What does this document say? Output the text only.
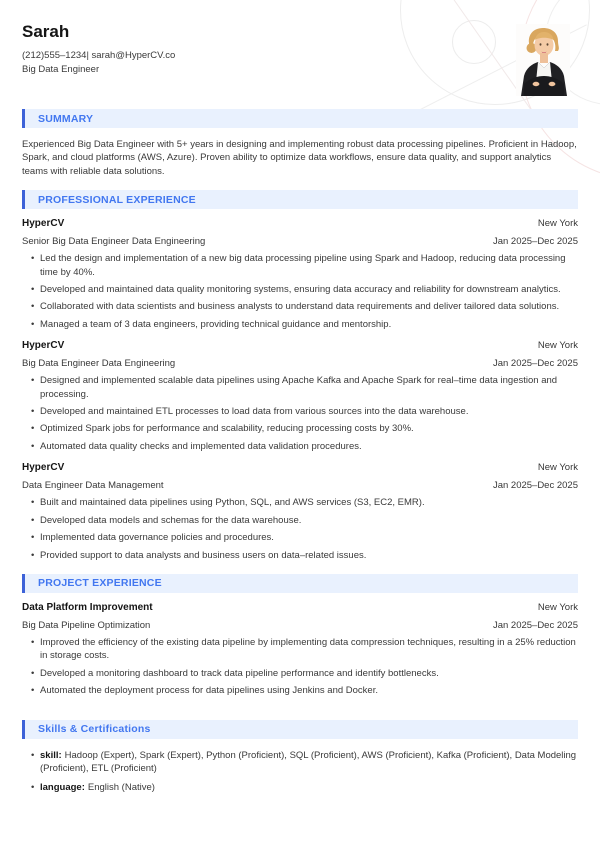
Sarah
(212)555–1234| sarah@HyperCV.co
Big Data Engineer
SUMMARY

Experienced Big Data Engineer with 5+ years in designing and implementing robust data processing pipelines. Proficient in Hadoop, Spark, and cloud platforms (AWS, Azure). Proven ability to optimize data workflows, ensure data quality, and support analytics teams with reliable data solutions.

PROFESSIONAL EXPERIENCE
HyperCV	New York
Senior Big Data Engineer Data Engineering	Jan 2025–Dec 2025
• Led the design and implementation of a new big data processing pipeline using Spark and Hadoop, reducing data processing time by 40%.
• Developed and maintained data quality monitoring systems, ensuring data accuracy and reliability for downstream analytics.
• Collaborated with data scientists and business analysts to understand data requirements and deliver tailored data solutions.
• Managed a team of 3 data engineers, providing technical guidance and mentorship.
HyperCV	New York
Big Data Engineer Data Engineering	Jan 2025–Dec 2025
• Designed and implemented scalable data pipelines using Apache Kafka and Apache Spark for real–time data ingestion and processing.
• Developed and maintained ETL processes to load data from various sources into the data warehouse.
• Optimized Spark jobs for performance and scalability, reducing processing costs by 30%.
• Automated data quality checks and implemented data validation procedures.
HyperCV	New York
Data Engineer Data Management	Jan 2025–Dec 2025
• Built and maintained data pipelines using Python, SQL, and AWS services (S3, EC2, EMR).
• Developed data models and schemas for the data warehouse.
• Implemented data governance policies and procedures.
• Provided support to data analysts and business users on data–related issues.
PROJECT EXPERIENCE
Data Platform Improvement	New York
Big Data Pipeline Optimization	Jan 2025–Dec 2025
• Improved the efficiency of the existing data pipeline by implementing data compression techniques, resulting in a 25% reduction in storage costs.
• Developed a monitoring dashboard to track data pipeline performance and identify bottlenecks.
• Automated the deployment process for data pipelines using Jenkins and Docker.
Skills & Certifications
• skill: Hadoop (Expert), Spark (Expert), Python (Proficient), SQL (Proficient), AWS (Proficient), Kafka (Proficient), Data Modeling (Proficient), ETL (Proficient)
• language: English (Native)
